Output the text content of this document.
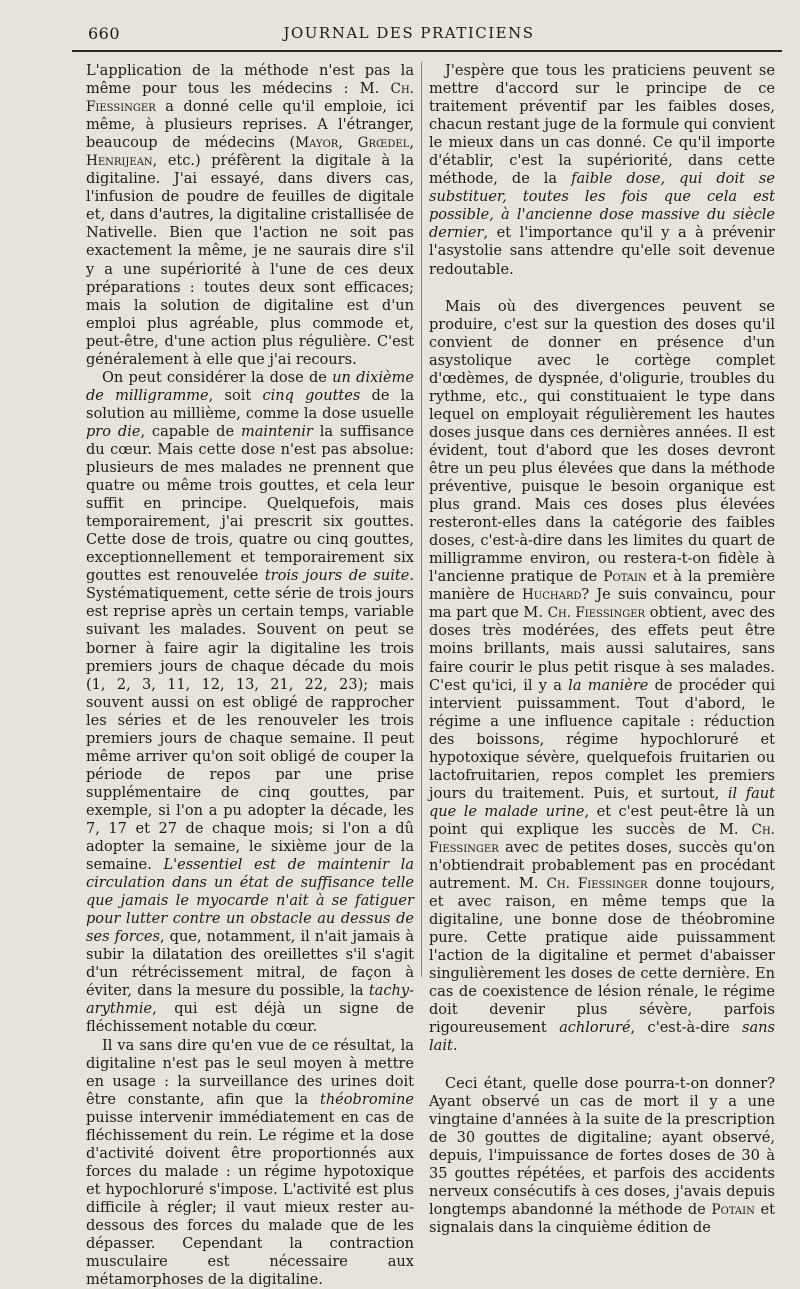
660	JOURNAL DES PRATICIENS

L'application de la méthode n'est pas la même pour tous les médecins : M. Ch. Fiessinger a donné celle qu'il emploie, ici même, à plusieurs reprises. A l'étranger, beaucoup de médecins (Mayor, Grœdel, Henrijean, etc.) préfèrent la digitale à la digitaline. J'ai essayé, dans divers cas, l'infusion de poudre de feuilles de digitale et, dans d'autres, la digitaline cristallisée de Nativelle. Bien que l'action ne soit pas exactement la même, je ne saurais dire s'il y a une supériorité à l'une de ces deux préparations : toutes deux sont efficaces; mais la solution de digitaline est d'un emploi plus agréable, plus commode et, peut-être, d'une action plus régulière. C'est généralement à elle que j'ai recours.

On peut considérer la dose de un dixième de milligramme, soit cinq gouttes de la solution au millième, comme la dose usuelle pro die, capable de maintenir la suffisance du cœur. Mais cette dose n'est pas absolue: plusieurs de mes malades ne prennent que quatre ou même trois gouttes, et cela leur suffit en principe. Quelquefois, mais temporairement, j'ai prescrit six gouttes. Cette dose de trois, quatre ou cinq gouttes, exceptionnellement et temporairement six gouttes est renouvelée trois jours de suite. Systématiquement, cette série de trois jours est reprise après un certain temps, variable suivant les malades. Souvent on peut se borner à faire agir la digitaline les trois premiers jours de chaque décade du mois (1, 2, 3, 11, 12, 13, 21, 22, 23); mais souvent aussi on est obligé de rapprocher les séries et de les renouveler les trois premiers jours de chaque semaine. Il peut même arriver qu'on soit obligé de couper la période de repos par une prise supplémentaire de cinq gouttes, par exemple, si l'on a pu adopter la décade, les 7, 17 et 27 de chaque mois; si l'on a dû adopter la semaine, le sixième jour de la semaine. L'essentiel est de maintenir la circulation dans un état de suffisance telle que jamais le myocarde n'ait à se fatiguer pour lutter contre un obstacle au dessus de ses forces, que, notamment, il n'ait jamais à subir la dilatation des oreillettes s'il s'agit d'un rétrécissement mitral, de façon à éviter, dans la mesure du possible, la tachy-arythmie, qui est déjà un signe de fléchissement notable du cœur.

Il va sans dire qu'en vue de ce résultat, la digitaline n'est pas le seul moyen à mettre en usage : la surveillance des urines doit être constante, afin que la théobromine puisse intervenir immédiatement en cas de fléchissement du rein. Le régime et la dose d'activité doivent être proportionnés aux forces du malade : un régime hypotoxique et hypochloruré s'impose. L'activité est plus difficile à régler; il vaut mieux rester au-dessous des forces du malade que de les dépasser. Cependant la contraction musculaire est nécessaire aux métamorphoses de la digitaline.

J'espère que tous les praticiens peuvent se mettre d'accord sur le principe de ce traitement préventif par les faibles doses, chacun restant juge de la formule qui convient le mieux dans un cas donné. Ce qu'il importe d'établir, c'est la supériorité, dans cette méthode, de la faible dose, qui doit se substituer, toutes les fois que cela est possible, à l'ancienne dose massive du siècle dernier, et l'importance qu'il y a à prévenir l'asystolie sans attendre qu'elle soit devenue redoutable.

Mais où des divergences peuvent se produire, c'est sur la question des doses qu'il convient de donner en présence d'un asystolique avec le cortège complet d'œdèmes, de dyspnée, d'oligurie, troubles du rythme, etc., qui constituaient le type dans lequel on employait régulièrement les hautes doses jusque dans ces dernières années. Il est évident, tout d'abord que les doses devront être un peu plus élevées que dans la méthode préventive, puisque le besoin organique est plus grand. Mais ces doses plus élevées resteront-elles dans la catégorie des faibles doses, c'est-à-dire dans les limites du quart de milligramme environ, ou restera-t-on fidèle à l'ancienne pratique de Potain et à la première manière de Huchard? Je suis convaincu, pour ma part que M. Ch. Fiessinger obtient, avec des doses très modérées, des effets peut être moins brillants, mais aussi salutaires, sans faire courir le plus petit risque à ses malades. C'est qu'ici, il y a la manière de procéder qui intervient puissamment. Tout d'abord, le régime a une influence capitale : réduction des boissons, régime hypochloruré et hypotoxique sévère, quelquefois fruitarien ou lactofruitarien, repos complet les premiers jours du traitement. Puis, et surtout, il faut que le malade urine, et c'est peut-être là un point qui explique les succès de M. Ch. Fiessinger avec de petites doses, succès qu'on n'obtiendrait probablement pas en procédant autrement. M. Ch. Fiessinger donne toujours, et avec raison, en même temps que la digitaline, une bonne dose de théobromine pure. Cette pratique aide puissamment l'action de la digitaline et permet d'abaisser singulièrement les doses de cette dernière. En cas de coexistence de lésion rénale, le régime doit devenir plus sévère, parfois rigoureusement achloruré, c'est-à-dire sans lait.

Ceci étant, quelle dose pourra-t-on donner? Ayant observé un cas de mort il y a une vingtaine d'années à la suite de la prescription de 30 gouttes de digitaline; ayant observé, depuis, l'impuissance de fortes doses de 30 à 35 gouttes répétées, et parfois des accidents nerveux consécutifs à ces doses, j'avais depuis longtemps abandonné la méthode de Potain et signalais dans la cinquième édition de
